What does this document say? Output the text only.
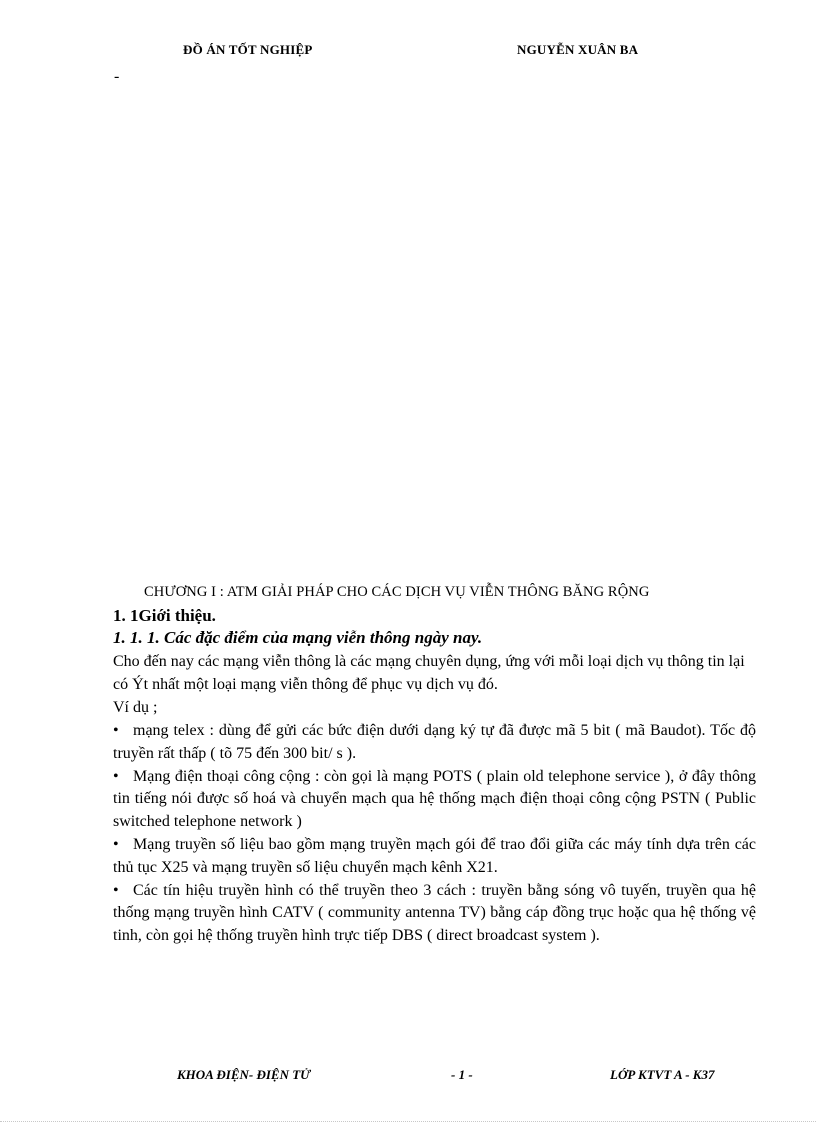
ĐỒ ÁN TỐT NGHIỆP	NGUYỄN XUÂN BA
-
CHƯƠNG I : ATM GIẢI PHÁP CHO CÁC DỊCH VỤ VIỄN THÔNG BĂNG RỘNG
1. 1Giới thiệu.
1. 1. 1. Các đặc điểm của mạng viễn thông ngày nay.
Cho đến nay các mạng viễn thông là các mạng chuyên dụng, ứng với mỗi loại dịch vụ thông tin lại có Ýt nhất một loại mạng viễn thông để phục vụ dịch vụ đó.
Ví dụ ;

• mạng telex : dùng để gửi các bức điện dưới dạng ký tự đã được mã 5 bit ( mã Baudot). Tốc độ truyền rất thấp ( tõ 75 đến 300 bit/ s ).

• Mạng điện thoại công cộng : còn gọi là mạng POTS ( plain old telephone service ), ở đây thông tin tiếng nói được số hoá và chuyển mạch qua hệ thống mạch điện thoại công cộng PSTN ( Public switched telephone network )

• Mạng truyền số liệu bao gồm mạng truyền mạch gói để trao đổi giữa các máy tính dựa trên các thủ tục X25 và mạng truyền số liệu chuyển mạch kênh X21.

• Các tín hiệu truyền hình có thể truyền theo 3 cách : truyền bằng sóng vô tuyến, truyền qua hệ thống mạng truyền hình CATV ( community antenna TV) bằng cáp đồng trục hoặc qua hệ thống vệ tinh, còn gọi hệ thống truyền hình trực tiếp DBS ( direct broadcast system ).

KHOA ĐIỆN- ĐIỆN TỬ	- 1 -	LỚP KTVT A - K37
